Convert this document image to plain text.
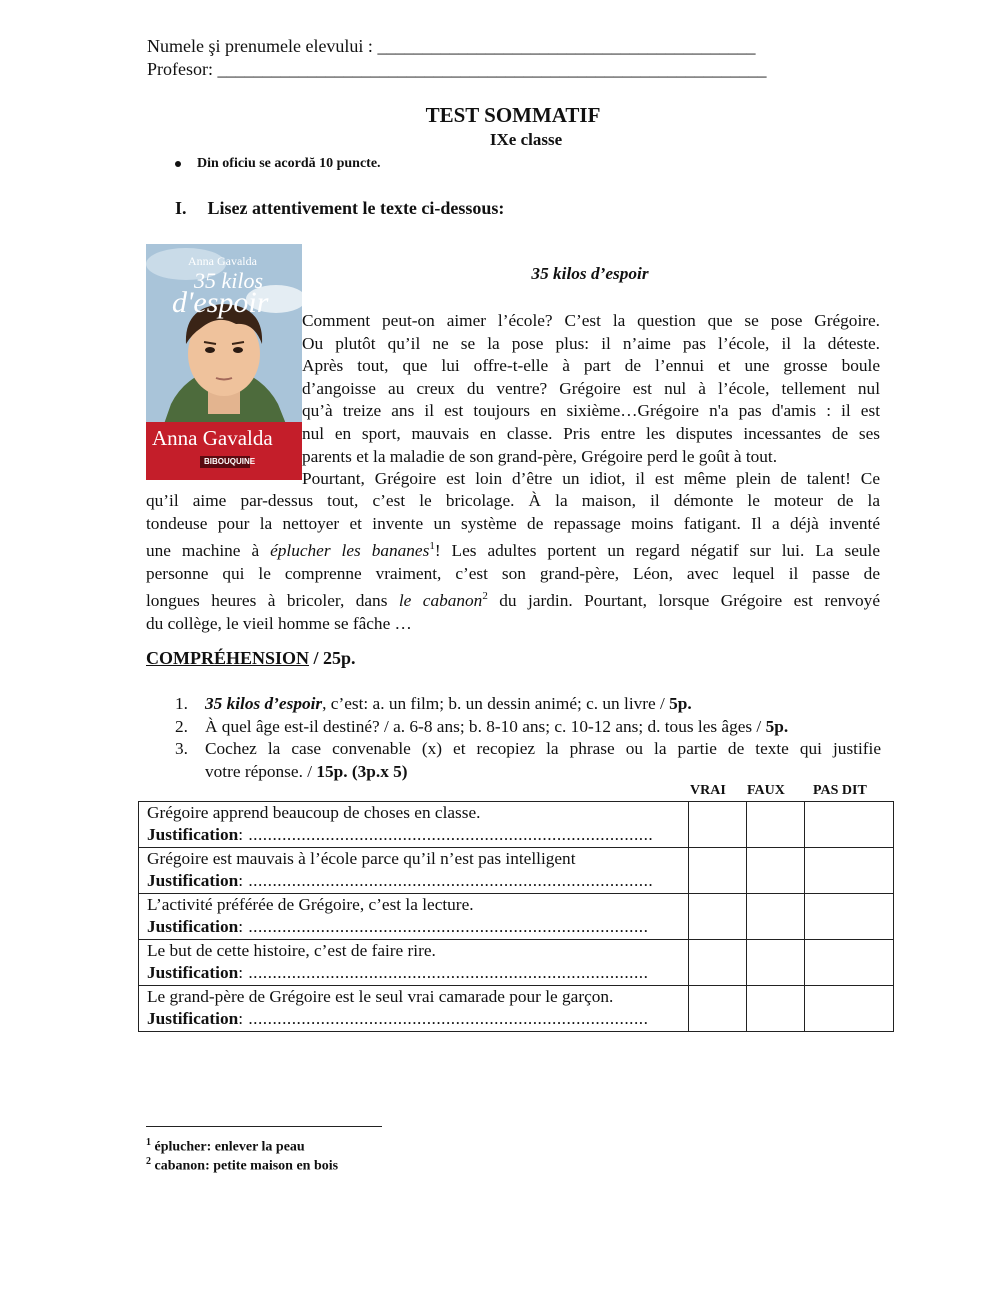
Numele şi prenumele elevului : __________________________________________
Profesor: _____________________________________________________________
TEST SOMMATIF
IXe classe
Din oficiu se acordă 10 puncte.
I. Lisez attentivement le texte ci-dessous:
Anna Gavalda
35 kilos
d'espoir
Anna Gavalda
BIBOUQUINE
35 kilos d’espoir
Comment peut-on aimer l’école? C’est la question que se pose Grégoire.
Ou plutôt qu’il ne se la pose plus: il n’aime pas l’école, il la déteste.
Après tout, que lui offre-t-elle à part de l’ennui et une grosse boule
d’angoisse au creux du ventre? Grégoire est nul à l’école, tellement nul
qu’à treize ans il est toujours en sixième…Grégoire n'a pas d'amis : il est
nul en sport, mauvais en classe. Pris entre les disputes incessantes de ses
parents et la maladie de son grand-père, Grégoire perd le goût à tout.
Pourtant, Grégoire est loin d’être un idiot, il est même plein de talent! Ce
qu’il aime par-dessus tout, c’est le bricolage. À la maison, il démonte le moteur de la
tondeuse pour la nettoyer et invente un système de repassage moins fatigant. Il a déjà inventé
une machine à éplucher les bananes$^1$! Les adultes portent un regard négatif sur lui. La seule
personne qui le comprenne vraiment, c’est son grand-père, Léon, avec lequel il passe de
longues heures à bricoler, dans le cabanon$^2$ du jardin. Pourtant, lorsque Grégoire est renvoyé
du collège, le vieil homme se fâche …
COMPRÉHENSION / 25p.
1. 35 kilos d’espoir, c’est: a. un film; b. un dessin animé; c. un livre / 5p.
2. À quel âge est-il destiné? / a. 6-8 ans; b. 8-10 ans; c. 10-12 ans; d. tous les âges / 5p.
3. Cochez la case convenable (x) et recopiez la phrase ou la partie de texte qui justifie
votre réponse. / 15p. (3p.x 5)
VRAI FAUX PAS DIT
Grégoire apprend beaucoup de choses en classe.
Justification: ....................................................................................			

Grégoire est mauvais à l’école parce qu’il n’est pas intelligent
Justification: ....................................................................................			

L’activité préférée de Grégoire, c’est la lecture.
Justification: ...................................................................................			

Le but de cette histoire, c’est de faire rire.
Justification: ...................................................................................			

Le grand-père de Grégoire est le seul vrai camarade pour le garçon.
Justification: ...................................................................................			

$^1$ éplucher: enlever la peau
$^2$ cabanon: petite maison en bois
